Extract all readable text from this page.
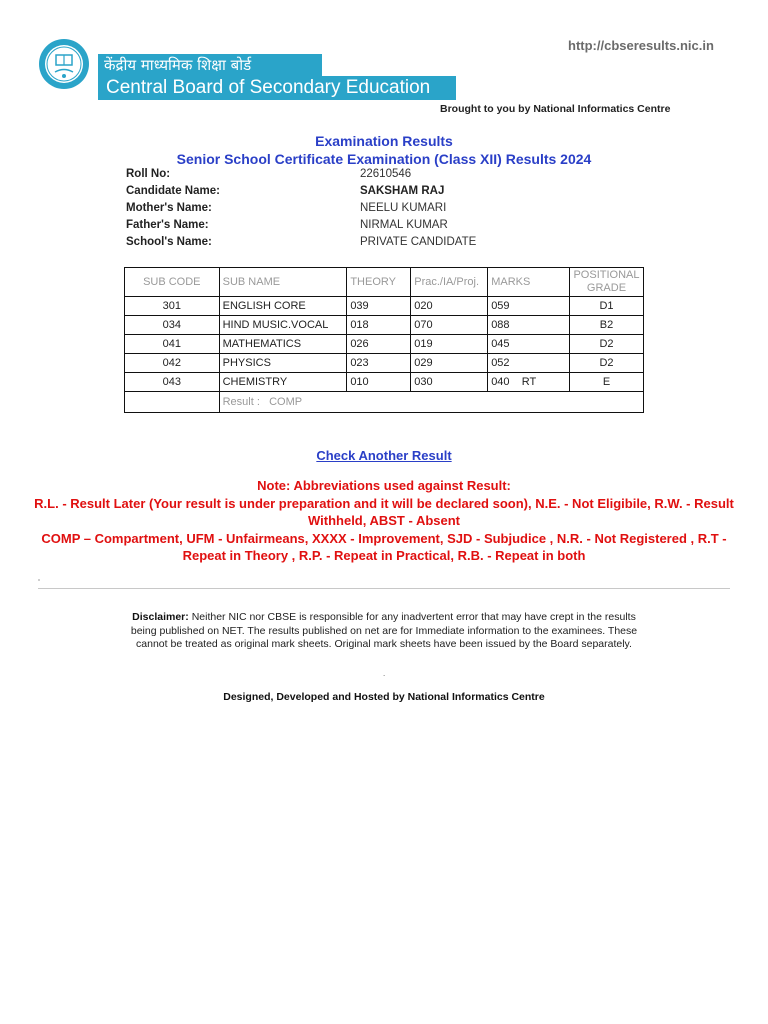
http://cbseresults.nic.in
केंद्रीय माध्यमिक शिक्षा बोर्ड
Central Board of Secondary Education
Brought to you by National Informatics Centre
Examination Results
Senior School Certificate Examination (Class XII) Results 2024
Roll No:	22610546
Candidate Name:	SAKSHAM RAJ
Mother's Name:	NEELU KUMARI
Father's Name:	NIRMAL KUMAR
School's Name:	PRIVATE CANDIDATE
SUB CODE	SUB NAME	THEORY	Prac./IA/Proj.	MARKS	POSITIONAL GRADE
301	ENGLISH CORE	039	020	059	D1
034	HIND MUSIC.VOCAL	018	070	088	B2
041	MATHEMATICS	026	019	045	D2
042	PHYSICS	023	029	052	D2
043	CHEMISTRY	010	030	040    RT	E
	Result :   COMP				
Check Another Result
Note: Abbreviations used against Result:
R.L. - Result Later (Your result is under preparation and it will be declared soon), N.E. - Not Eligibile, R.W. - Result Withheld, ABST - Absent
COMP – Compartment, UFM - Unfairmeans, XXXX - Improvement, SJD - Subjudice , N.R. - Not Registered , R.T - Repeat in Theory , R.P. - Repeat in Practical, R.B. - Repeat in both
Disclaimer: Neither NIC nor CBSE is responsible for any inadvertent error that may have crept in the results being published on NET. The results published on net are for Immediate information to the examinees. These cannot be treated as original mark sheets. Original mark sheets have been issued by the Board separately.
.
Designed, Developed and Hosted by National Informatics Centre
